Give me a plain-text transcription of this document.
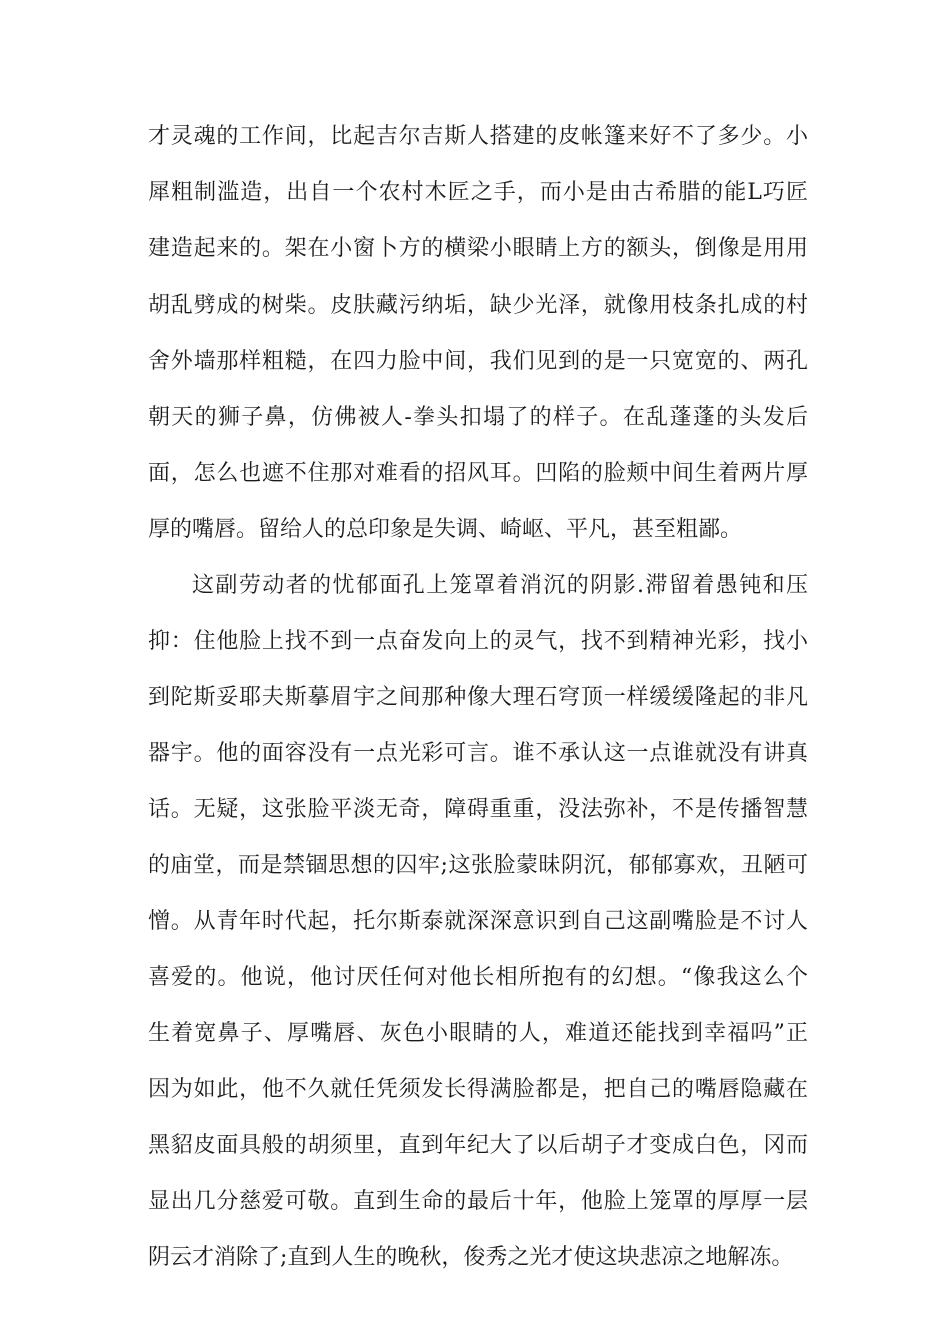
才灵魂的工作间，比起吉尔吉斯人搭建的皮帐篷来好不了多少。小
犀粗制滥造，出自一个农村木匠之手，而小是由古希腊的能L巧匠
建造起来的。架在小窗卜方的横梁小眼睛上方的额头，倒像是用用
胡乱劈成的树柴。皮肤藏污纳垢，缺少光泽，就像用枝条扎成的村
舍外墙那样粗糙，在四力脸中间，我们见到的是一只宽宽的、两孔
朝天的狮子鼻，仿佛被人-拳头扣塌了的样子。在乱蓬蓬的头发后
面，怎么也遮不住那对难看的招风耳。凹陷的脸颊中间生着两片厚
厚的嘴唇。留给人的总印象是失调、崎岖、平凡，甚至粗鄙。
这副劳动者的忧郁面孔上笼罩着消沉的阴影.滞留着愚钝和压
抑：住他脸上找不到一点奋发向上的灵气，找不到精神光彩，找小
到陀斯妥耶夫斯摹眉宇之间那种像大理石穹顶一样缓缓隆起的非凡
器宇。他的面容没有一点光彩可言。谁不承认这一点谁就没有讲真
话。无疑，这张脸平淡无奇，障碍重重，没法弥补，不是传播智慧
的庙堂，而是禁锢思想的囚牢;这张脸蒙昧阴沉，郁郁寡欢，丑陋可
憎。从青年时代起，托尔斯泰就深深意识到自己这副嘴脸是不讨人
喜爱的。他说，他讨厌任何对他长相所抱有的幻想。“像我这么个
生着宽鼻子、厚嘴唇、灰色小眼睛的人，难道还能找到幸福吗”正
因为如此，他不久就任凭须发长得满脸都是，把自己的嘴唇隐藏在
黑貂皮面具般的胡须里，直到年纪大了以后胡子才变成白色，冈而
显出几分慈爱可敬。直到生命的最后十年，他脸上笼罩的厚厚一层
阴云才消除了;直到人生的晚秋，俊秀之光才使这块悲凉之地解冻。
